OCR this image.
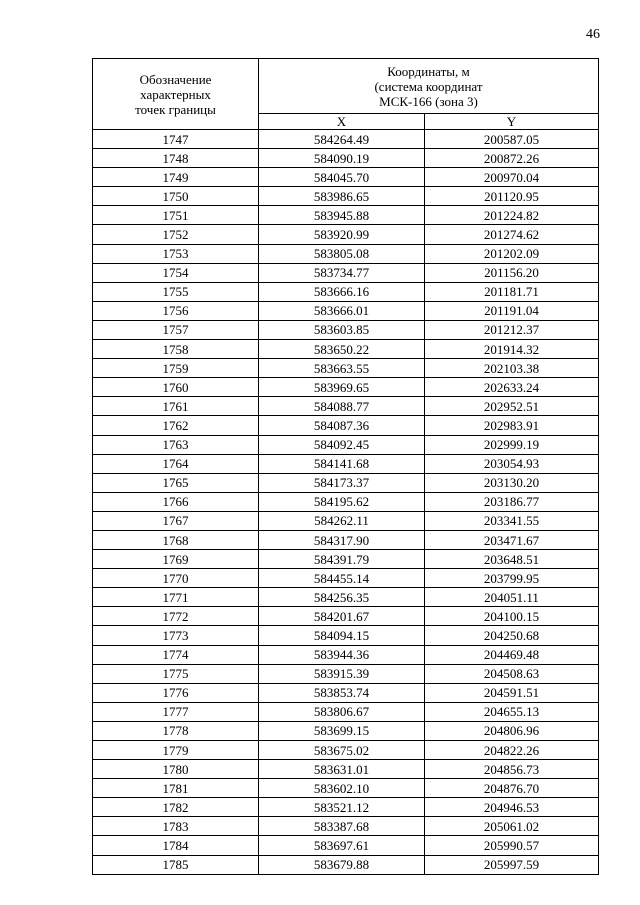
46
Обозначение
характерных
точек границы	Координаты, м
(система координат
МСК-166 (зона 3)	

	X	Y
1747	584264.49	200587.05
1748	584090.19	200872.26
1749	584045.70	200970.04
1750	583986.65	201120.95
1751	583945.88	201224.82
1752	583920.99	201274.62
1753	583805.08	201202.09
1754	583734.77	201156.20
1755	583666.16	201181.71
1756	583666.01	201191.04
1757	583603.85	201212.37
1758	583650.22	201914.32
1759	583663.55	202103.38
1760	583969.65	202633.24
1761	584088.77	202952.51
1762	584087.36	202983.91
1763	584092.45	202999.19
1764	584141.68	203054.93
1765	584173.37	203130.20
1766	584195.62	203186.77
1767	584262.11	203341.55
1768	584317.90	203471.67
1769	584391.79	203648.51
1770	584455.14	203799.95
1771	584256.35	204051.11
1772	584201.67	204100.15
1773	584094.15	204250.68
1774	583944.36	204469.48
1775	583915.39	204508.63
1776	583853.74	204591.51
1777	583806.67	204655.13
1778	583699.15	204806.96
1779	583675.02	204822.26
1780	583631.01	204856.73
1781	583602.10	204876.70
1782	583521.12	204946.53
1783	583387.68	205061.02
1784	583697.61	205990.57
1785	583679.88	205997.59
